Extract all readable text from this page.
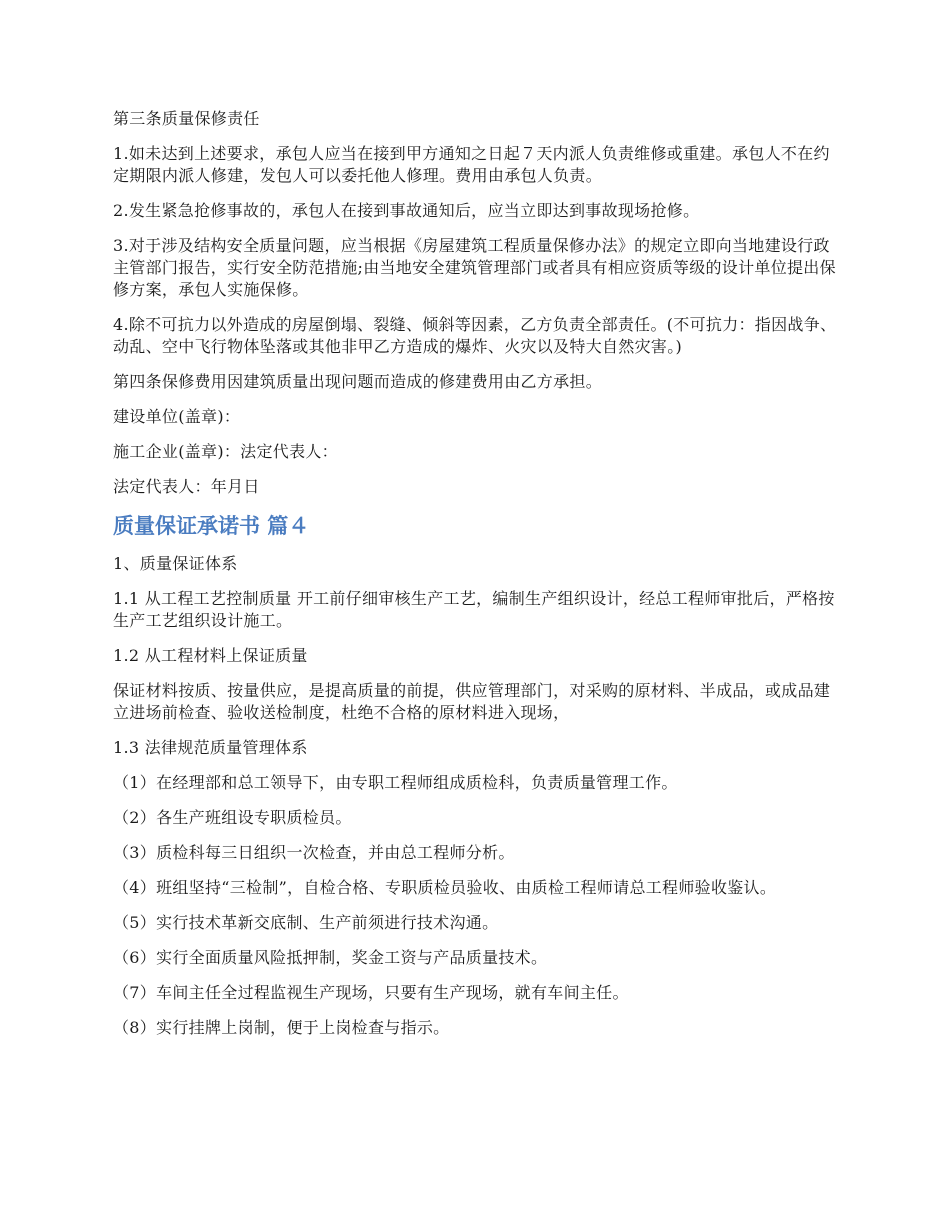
第三条质量保修责任

1.如未达到上述要求，承包人应当在接到甲方通知之日起７天内派人负责维修或重建。承包人不在约定期限内派人修建，发包人可以委托他人修理。费用由承包人负责。

2.发生紧急抢修事故的，承包人在接到事故通知后，应当立即达到事故现场抢修。

3.对于涉及结构安全质量问题，应当根据《房屋建筑工程质量保修办法》的规定立即向当地建设行政主管部门报告，实行安全防范措施;由当地安全建筑管理部门或者具有相应资质等级的设计单位提出保修方案，承包人实施保修。

4.除不可抗力以外造成的房屋倒塌、裂缝、倾斜等因素，乙方负责全部责任。(不可抗力：指因战争、动乱、空中飞行物体坠落或其他非甲乙方造成的爆炸、火灾以及特大自然灾害。)

第四条保修费用因建筑质量出现问题而造成的修建费用由乙方承担。

建设单位(盖章)：

施工企业(盖章)：法定代表人：

法定代表人：年月日

质量保证承诺书 篇４

1、质量保证体系

1.1 从工程工艺控制质量 开工前仔细审核生产工艺，编制生产组织设计，经总工程师审批后，严格按生产工艺组织设计施工。

1.2 从工程材料上保证质量

保证材料按质、按量供应，是提高质量的前提，供应管理部门，对采购的原材料、半成品，或成品建立进场前检查、验收送检制度，杜绝不合格的原材料进入现场，

1.3 法律规范质量管理体系

（1）在经理部和总工领导下，由专职工程师组成质检科，负责质量管理工作。

（2）各生产班组设专职质检员。

（3）质检科每三日组织一次检查，并由总工程师分析。

（4）班组坚持“三检制”，自检合格、专职质检员验收、由质检工程师请总工程师验收鉴认。

（5）实行技术革新交底制、生产前须进行技术沟通。

（6）实行全面质量风险抵押制，奖金工资与产品质量技术。

（7）车间主任全过程监视生产现场，只要有生产现场，就有车间主任。

（8）实行挂牌上岗制，便于上岗检查与指示。
